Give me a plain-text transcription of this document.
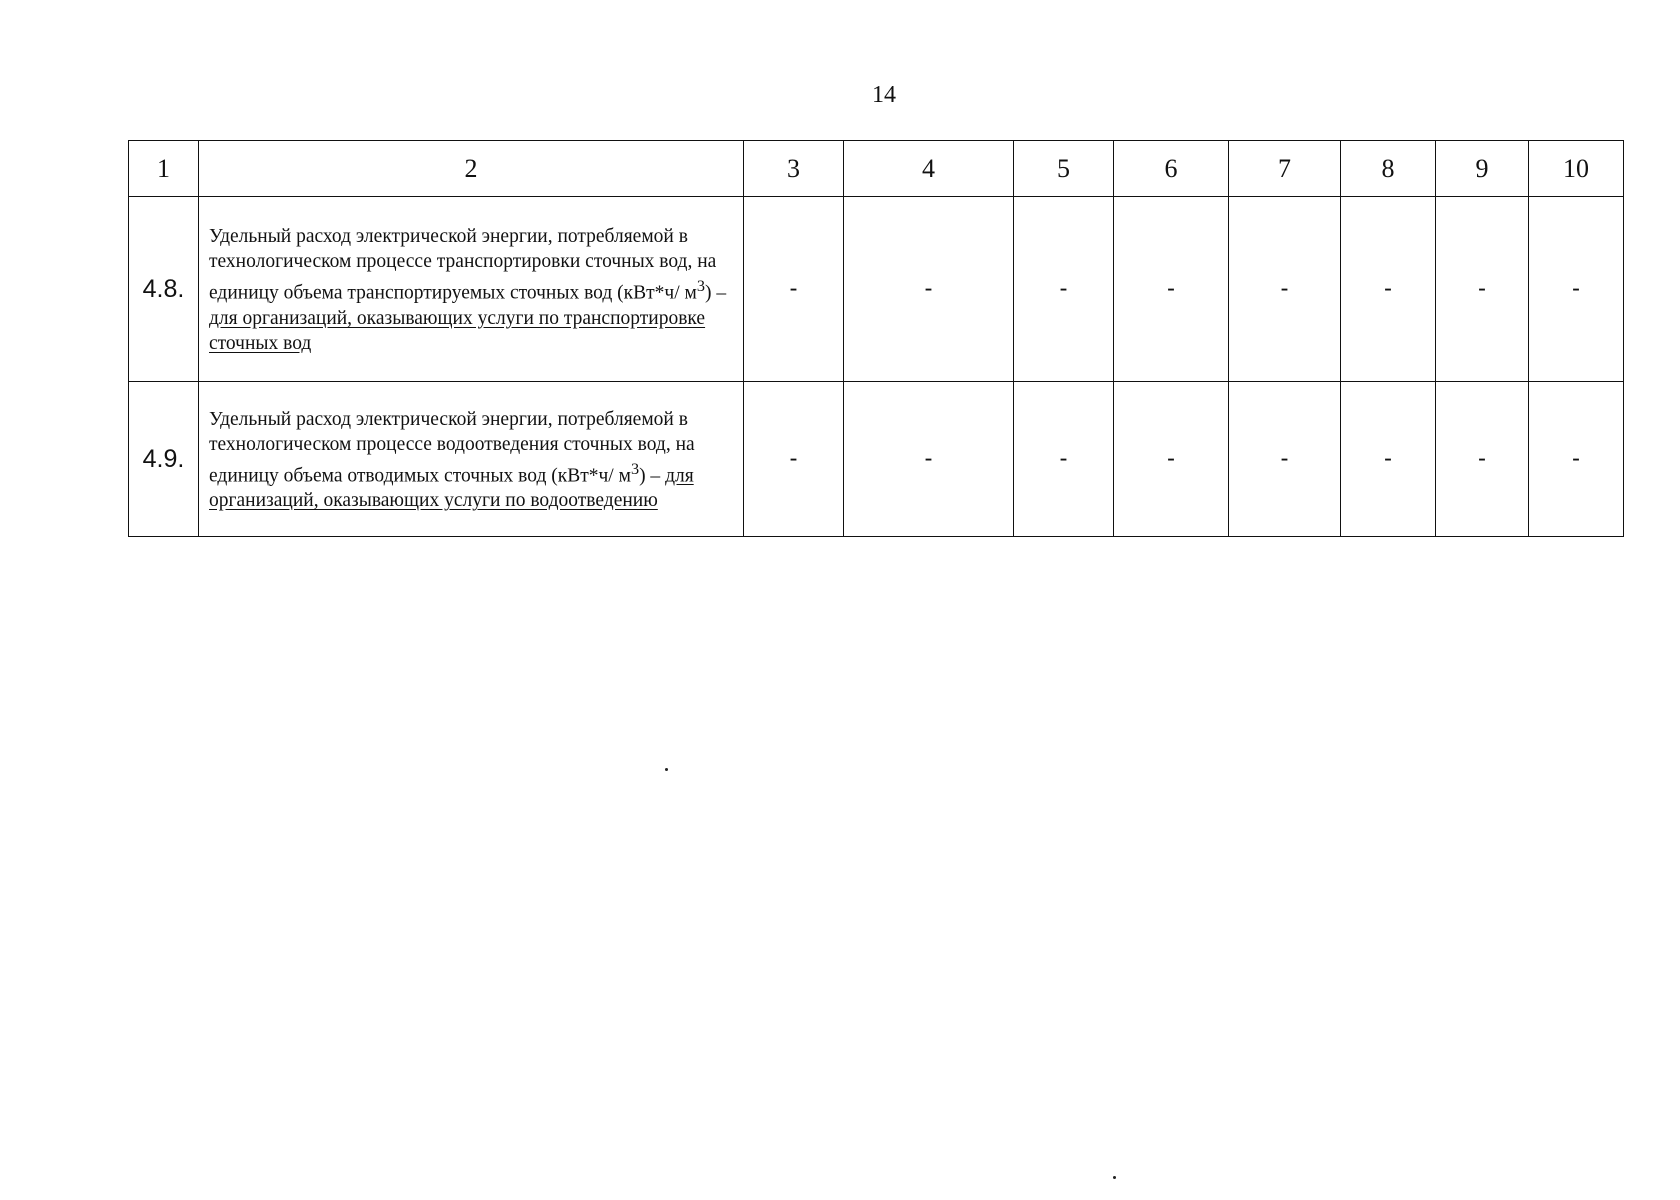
14
1	2	3	4	5	6	7	8	9	10
4.8.	Удельный расход электрической энергии, потребляемой в технологическом процессе транспортировки сточных вод, на единицу объема транспортируемых сточных вод (кВт*ч/ $м^3$) – для организаций, оказывающих услуги по транспортировке сточных вод	-	-	-	-	-	-	-	-
4.9.	Удельный расход электрической энергии, потребляемой в технологическом процессе водоотведения сточных вод, на единицу объема отводимых сточных вод (кВт*ч/ $м^3$) – для организаций, оказывающих услуги по водоотведению	-	-	-	-	-	-	-	-
